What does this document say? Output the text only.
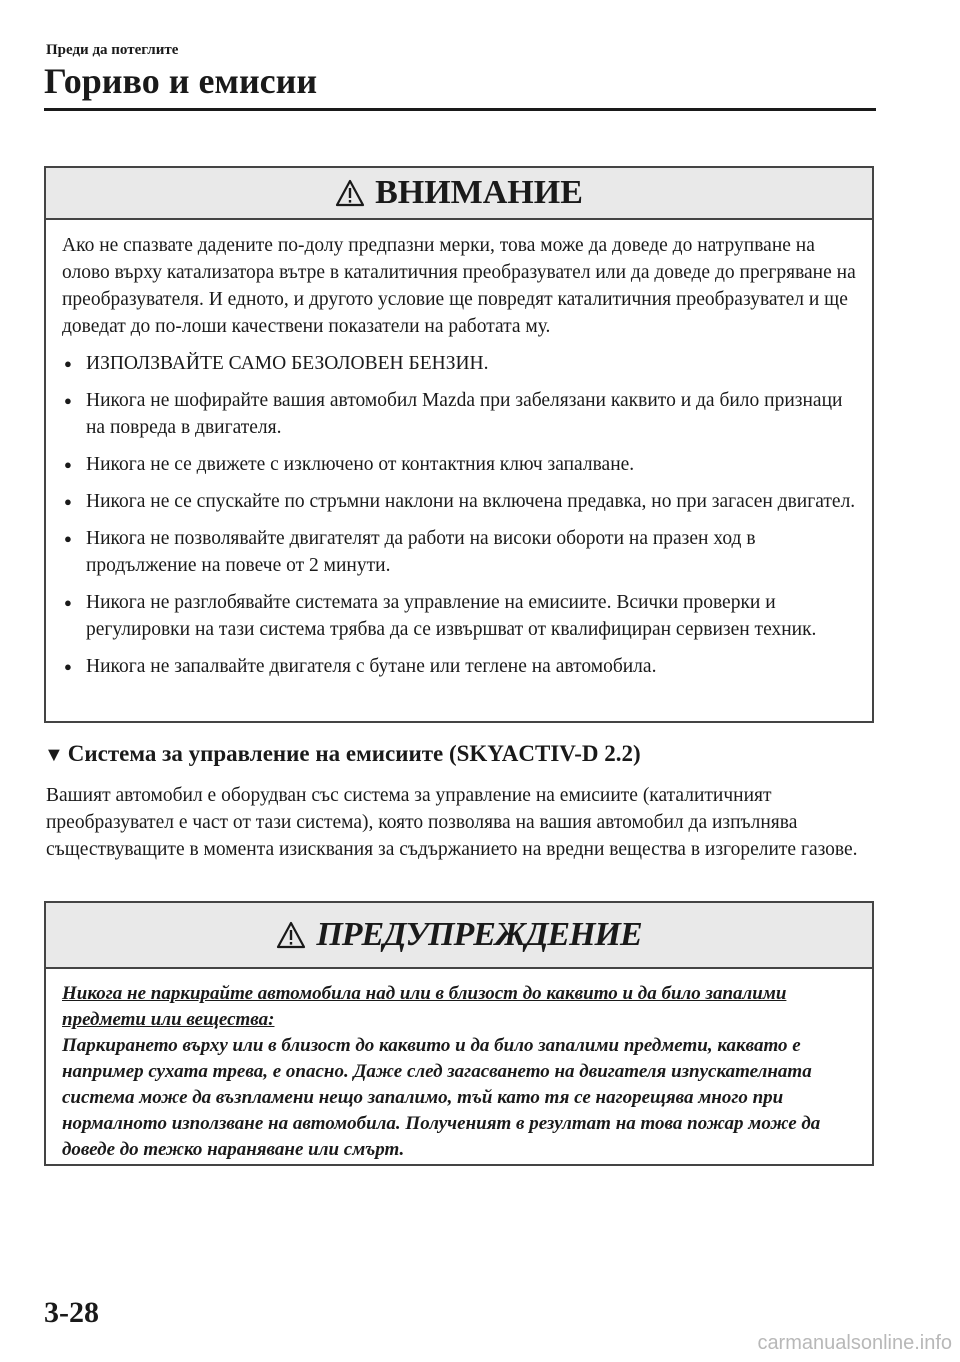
Преди да потеглите
Гориво и емисии
ВНИМАНИЕ

Ако не спазвате дадените по-долу предпазни мерки, това може да доведе до натрупване на олово върху катализатора вътре в каталитичния преобразувател или да доведе до прегряване на преобразувателя. И едното, и другото условие ще повредят каталитичния преобразувател и ще доведат до по-лоши качествени показатели на работата му.

● ИЗПОЛЗВАЙТЕ САМО БЕЗОЛОВЕН БЕНЗИН.
● Никога не шофирайте вашия автомобил Mazda при забелязани каквито и да било признаци на повреда в двигателя.
● Никога не се движете с изключено от контактния ключ запалване.
● Никога не се спускайте по стръмни наклони на включена предавка, но при загасен двигател.
● Никога не позволявайте двигателят да работи на високи обороти на празен ход в продължение на повече от 2 минути.
● Никога не разглобявайте системата за управление на емисиите. Всички проверки и регулировки на тази система трябва да се извършват от квалифициран сервизен техник.
● Никога не запалвайте двигателя с бутане или теглене на автомобила.
▼ Система за управление на емисиите (SKYACTIV-D 2.2)

Вашият автомобил е оборудван със система за управление на емисиите (каталитичният преобразувател е част от тази система), която позволява на вашия автомобил да изпълнява съществуващите в момента изисквания за съдържанието на вредни вещества в изгорелите газове.

ПРЕДУПРЕЖДЕНИЕ

Никога не паркирайте автомобила над или в близост до каквито и да било запалими предмети или вещества:

Паркирането върху или в близост до каквито и да било запалими предмети, каквато е например сухата трева, е опасно. Даже след загасването на двигателя изпускателната система може да възпламени нещо запалимо, тъй като тя се нагорещява много при нормалното използване на автомобила. Полученият в резултат на това пожар може да доведе до тежко нараняване или смърт.

3-28
carmanualsonline.info
